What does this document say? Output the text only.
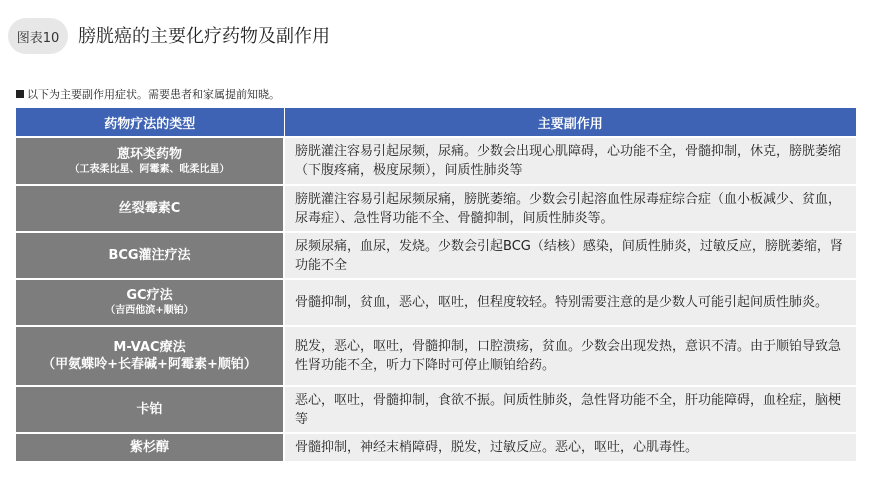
图表10	膀胱癌的主要化疗药物及副作用
以下为主要副作用症状。需要患者和家属提前知晓。
药物疗法的类型	主要副作用

蒽环类药物
（工表柔比星、阿霉素、吡柔比星）	膀胱灌注容易引起尿频，尿痛。少数会出现心肌障碍，心功能不全，骨髓抑制，休克，膀胱萎缩（下腹疼痛，极度尿频），间质性肺炎等

丝裂霉素C	膀胱灌注容易引起尿频尿痛，膀胱萎缩。少数会引起溶血性尿毒症综合症（血小板减少、贫血，尿毒症）、急性肾功能不全、骨髓抑制，间质性肺炎等。

BCG灌注疗法	尿频尿痛，血尿，发烧。少数会引起BCG（结核）感染，间质性肺炎，过敏反应，膀胱萎缩，肾功能不全

GC疗法
（吉西他滨+顺铂）	骨髓抑制，贫血，恶心，呕吐，但程度较轻。特别需要注意的是少数人可能引起间质性肺炎。

M-VAC療法
（甲氨蝶呤+长春碱+阿霉素+顺铂）	脱发，恶心，呕吐，骨髓抑制，口腔溃疡，贫血。少数会出现发热，意识不清。由于顺铂导致急性肾功能不全，听力下降时可停止顺铂给药。

卡铂	恶心，呕吐，骨髓抑制，食欲不振。间质性肺炎，急性肾功能不全，肝功能障碍，血栓症，脑梗等

紫杉醇	骨髓抑制，神经末梢障碍，脱发，过敏反应。恶心，呕吐，心肌毒性。
